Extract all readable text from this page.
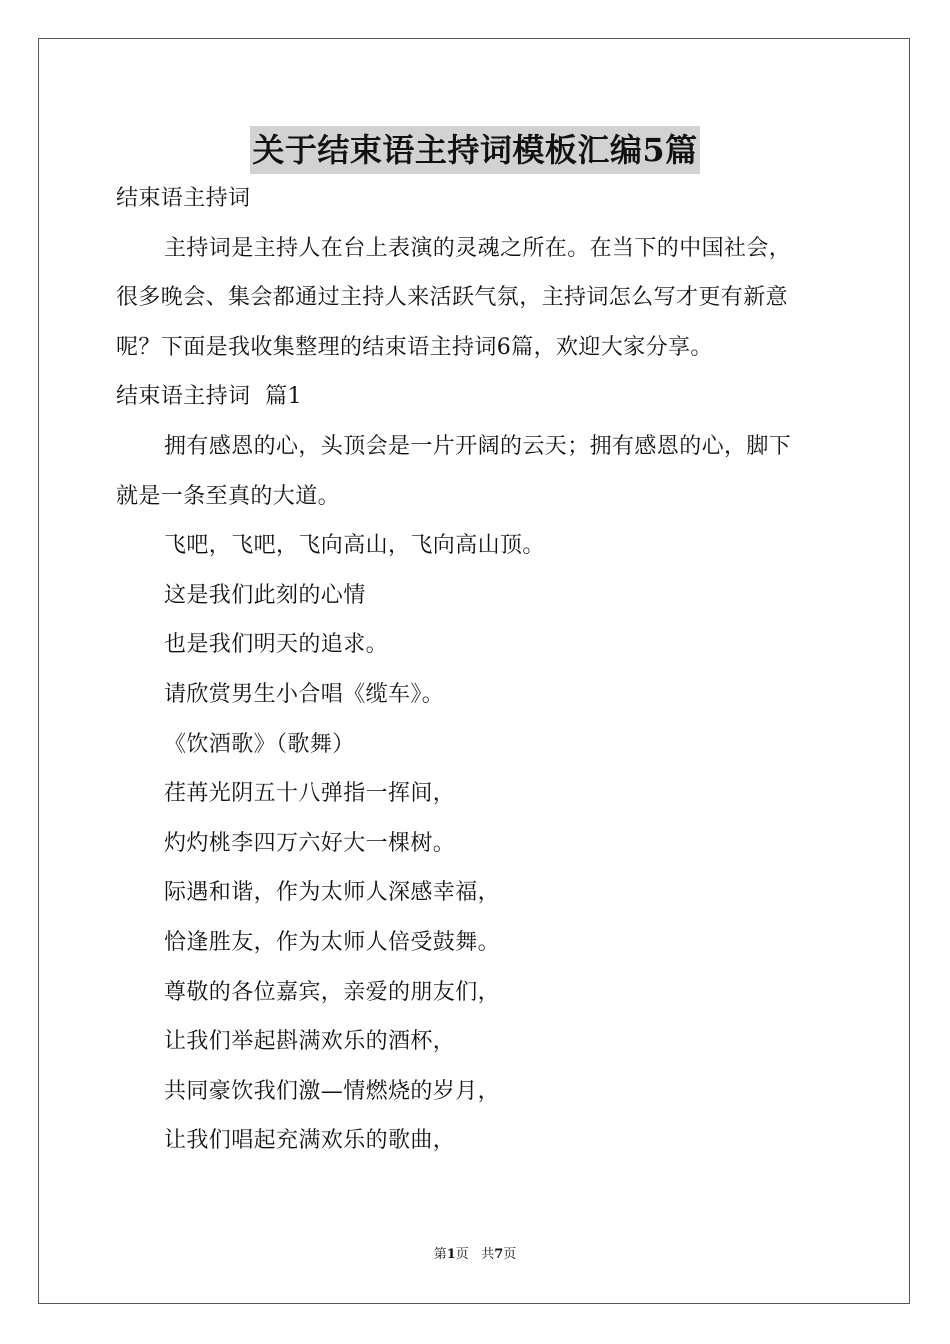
关于结束语主持词模板汇编5篇
结束语主持词
主持词是主持人在台上表演的灵魂之所在。在当下的中国社会，
很多晚会、集会都通过主持人来活跃气氛，主持词怎么写才更有新意
呢？下面是我收集整理的结束语主持词6篇，欢迎大家分享。
结束语主持词  篇1
拥有感恩的心，头顶会是一片开阔的云天；拥有感恩的心，脚下
就是一条至真的大道。
飞吧，飞吧，飞向高山，飞向高山顶。
这是我们此刻的心情
也是我们明天的追求。
请欣赏男生小合唱《缆车》。
《饮酒歌》（歌舞）
荏苒光阴五十八弹指一挥间，
灼灼桃李四万六好大一棵树。
际遇和谐，作为太师人深感幸福，
恰逢胜友，作为太师人倍受鼓舞。
尊敬的各位嘉宾，亲爱的朋友们，
让我们举起斟满欢乐的酒杯，
共同豪饮我们激—情燃烧的岁月，
让我们唱起充满欢乐的歌曲，
第1页   共7页
